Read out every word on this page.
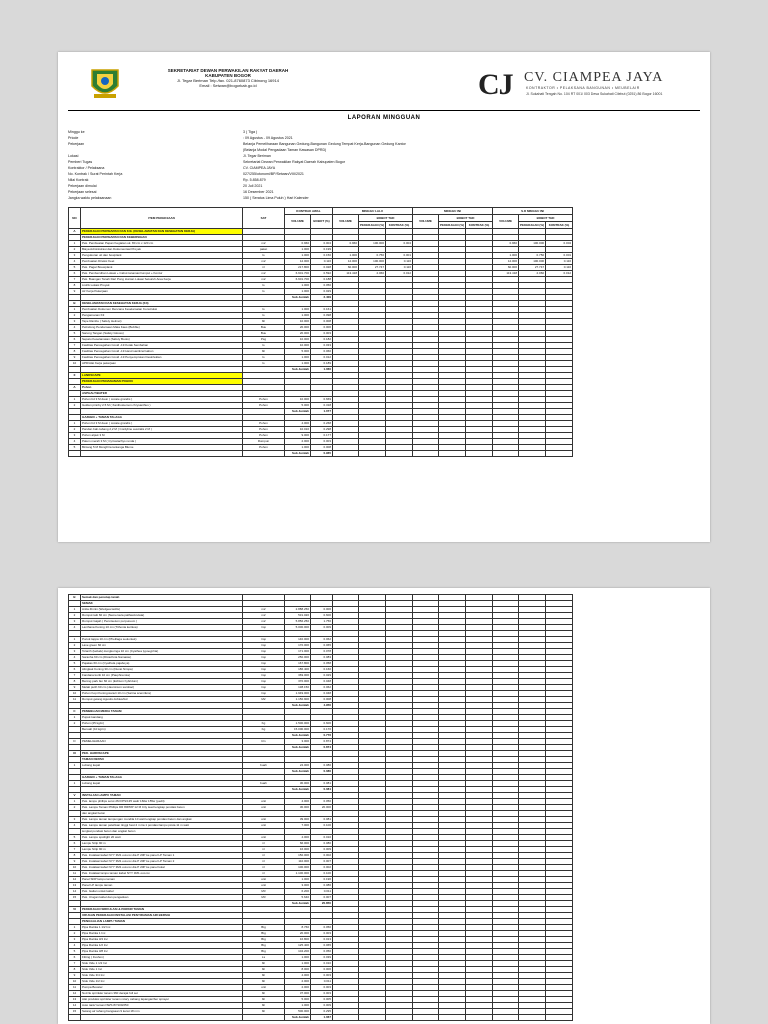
SEKRETARIAT DEWAN PERWAKILAN RAKYAT DAERAH
KABUPATEN BOGOR
Jl. Tegar Beriman Telp./fax. 021-8760873 Cibinong 16914
Email : Setwan@bogorkab.go.id	CJ CV. CIAMPEA JAYA
KONTRAKTOR • PELAKSANA BANGUNAN • MEUBELAIR
Jl. Sukahati Tengah No. 104 RT 001/ 003 Desa Sukahati Cilebut (0251) 86 Bogor 16001
LAPORAN MINGGUAN
Minggu ke	3 ( Tiga )
Priode	: 09 Agustus - 09 Agustus 2021
Pekerjaan	Belanja Pemeliharaan Bangunan Gedung-Bangunan Gedung Tempat Kerja-Bangunan Gedung Kantor
(Belanja Modal Pengadaan Taman Kawasan DPRD)
Lokasi	Jl. Tegar Beriman
Pemberi Tugas	Sekretariat Dewan Perwakilan Rakyat Daerah Kabupaten Bogor
Kontraktor / Pelaksana	CV. CIAMPEA JAYA
No. Kontrak / Surat Perintah Kerja	027/255/otonomi/BP/Setwan/VIII/2021
Nilai Kontrak	Rp. 5.858.879
Pekerjaan dimulai	20 Juli 2021
Pekerjaan selesai	16 Desember 2021
Jangka waktu pelaksanaan	150 ( Seratus Lima Puluh ) Hari Kalender
NO	ITEM PEKERJAAN	SAT	KONTRAK AWAL		MINGGU LALU			MINGGU INI			S.D MINGGU INI		
			VOLUME	BOBOT (%)	VOLUME	BOBOT THD		VOLUME	BOBOT THD		VOLUME	BOBOT THD	
						PEKERJAAN (%)	KONTRAK (%)		PEKERJAAN (%)	KONTRAK (%)		PEKERJAAN (%)	KONTRAK (%)
A	PEKERJAAN PERSIAPAN DAN K3L (KESELAMATAN DAN KESEHATAN KERJA)												
	PEKERJAAN PERSIAPAN DAN KEBERSIHAN												
1	Pek. Pembuatan Papan Kegiatan uk. 80 cm x 120 cm	m2	0.960	0.004	0.960	100.000	0.004				0.960	100.000	0.004
2	Biaya Administrasi dan Dokumentasi Proyek	paket	1.000	0.199									
3	Pengukuran uit dan bowplank	ls	1.000	0.150	1.000	0.750	0.001				1.000	0.750	0.001
4	Pembuatan Direksi Keet	m2	12.000	0.116	12.000	100.000	0.116				12.000	100.000	0.116
5	Pek. Pagar Bouwplank	m'	217.800	0.028	60.000	27.747	0.116				60.000	27.747	0.116
6	Pek. Pembersihan Lokasi + Cabut tanaman/rumput + Kontur	m2	6.601.700	0.592	113.418	2.060	0.012				113.418	2.060	0.012
7	Pek. Buangan Tanah Dari Pong Hunian Lokasi Sekuruh Area Kerja	m2	6.601.700	0.188									
8	Listrik Lokasi Proyek	ls	1.000	0.050									
9	Air Kerja Pekerjaan	ls	1.000	0.029									
			Sub Jumlah	2.409									
B	KESELAMATAN DAN KESEHATAN KERJA (K3)												
1	Pembuatan Dokumen Rencana Keselamatan Konstruksi	ls	1.000	0.161									
2	Pengamanan K3	ls	1.000	0.098									
3	Tape Rambu ( Safety Helmet)	bh	10.000	0.008									
4	Pelindung Pendamaan Mata Kaus (Bubble)	Buu	20.000	0.006									
5	Sarung Tangan (Safety Gloves)	Buu	20.000	0.003									
6	Sepatu Keselamatan (Safety Boots)	Psg	10.000	0.182									
7	Fasilitas Pencegahan Covid -19 Kotak Sembahan	ls	10.000	0.033									
8	Fasilitas Pencegahan Covid -19 Hand sanitizer/sabun	bh	5.000	0.060									
9	Fasilitas Pencegahan Covid -19 Penyemprotan Desinfektan	ls	1.000	0.012									
10	APD/Alat Kerja pekerjaan	ls	1.000	0.189									
			Sub Jumlah	1.060									
II	LANDSCAPE												
	PEKERJAAN PENANAMAN POHON												
A	Pohon												
	ASPHALT/BATER												
1	Pohon bd 3 M daun ( cocate grandis )	Pohon	10.000	0.669									
2	Golden pinnby 2.5 M ( Xanthostemon chrysanthus )	Pohon	5.000	0.318									
			Sub Jumlah	1.077									
	GAZEBO + TAMAN TALAGA												
1	Pohon bd 3 M daun ( cocate grandis )	Pohon	4.000	0.268									
2	Pandan bali cabang 2,2 M ( Cordyline australis 2 M )	Pohon	10.010	0.298									
3	Pohon alpuk 3 M	Pohon	9.000	0.177									
4	Palem merah 3 M ( Cyrtostachys renda )	Rumpun	2.000	0.003									
5	Bintang 5 M Mongfirra tantanga Blume	Pohon	1.000	0.008									
			Sub Jumlah	0.965									
B	Semak dan penutup tanah												
	SEMAK												
1	Anita Zinnin (Wedgea lacilis)	m2	2.888.250	0.006									
2	Rumput taiti 60 cm (Nemeroula palifasciculata)	m2	531.020	0.600									
3	Rumput Gajah ( Pennisetum purpureum )	m2	5.856.250	1.756									
4	Lanthana Kuning 10 cm (Tithonia kerikoa)	rmp	5.000.000	0.009									

1	Pucuk tappa 10 cm (Pheillaga seulontek)	rmp	140.000	0.062									
2	Lave green 60 cm	rmp	170.000	0.065									
3	Tolanth (kebalu) kungkurnga 10 cm (Cyathea typoeyphia)	rmp	171.000	0.078									
4	Saranha 60 cm (Dicachnia Namaste)	rmp	250.000	0.083									
5	Pajakas 60 cm (Cyathula pajaboya)	rmp	167.800	0.058									
6	Alingkak Kuning 30 cm (Ducat Nimpa)	rmp	186.400	0.160									
7	Fandana kuriti 10 cm (Pauphrecota)	rmp	369.000	0.029									
8	Bening park fan 60 cm (Echium hybridum)	rmp	370.000	0.048									
9	Melati putih 60 cm (Jasminum sambac)	rmp	138.150	0.062									
10	Pohon Kopi Kuning-kanuli 10 cm (Sarina scemifera)	rmp	1.949.000	0.048									
11	Rumput gelang Agustis dobles/tkd	M2	1.150.900	0.008									
			Sub Jumlah	4.950									
C	PEMBELIAN MEDIA TANAM												
1	Pupuk kandang												
2	Pohon (25 kg/m)	Kg	1.500.000	0.606									
	Bensah (10 kg/m)	Kg	15.000.000	0.170									
			Sub Jumlah	0.776									
D	PEMELIHARAAN	bln	3.000	0.874									
			Sub Jumlah	0.874									
III	PEK. HARDSCAPE												
	TAMAN DEPAN												
1	Lubang kepal	buah	24.000	0.080									
			Sub Jumlah	0.080									
	GAZEBO + TAMAN TALAGA												
1	Lubang kepal	buah	30.000	0.081									
			Sub Jumlah	0.081									
V	INSTALASI LAMPU TAMAN												
1	Pek. lampu phillips sorot 2M FPS/135 watt/ 160w 155w (pedit)	unit	4.000	0.050									
2	Pek. Lampu Taman Phillips DR 80PRP 12 M City lead lengkap pondasi beton	unit	30.000	20.000									
	dan angkat beton												
3	Pek. Lampu taman lampungan mundila 10 watt lengkap pondasi beton dan angkat	unit	39.000	0.081									
4	Pek. Lampu taman pelehkan tinggi hest 2 m tia 1 pondasi lampu pcsta 11 m watt	unit	7.000	0.100									
	lengkat pondasi beton dan angkat beton												
5	Pek. Lampu spotlight 20 watt	unit	4.000	0.010									
6	Lampu Strip 90 m	m'	66.000	0.080									
7	Lampu Strip 90 m	m'	16.000	0.009									
8	Pek. Instalasi kabel NYY 3M1 out-rox dia P 20P ke panel LP Taman 1	m'	150.000	0.002									
9	Pek. Instalasi kabel NYY 3M1 out-rox dia P 20P ke panel LP Taman 2	m'	110.000	0.007									
10	Pek. Instalasi kabel NYY 3M1 out-rox dia P 20P ke panel lokal	m'	100.000	0.002									
11	Pek. Instalasi lampu taman kabel NYY 3M1 out-rox	m'	1.100.000	0.100									
12	Panel SDP lampu taman	unit	1.000	0.196									
13	Panel LP lampu taman	unit	3.000	0.086									
14	Pek. Galian untuk kabel	M3	6.200	0.011									
15	Pek. Urugan kabel dan pengaduan	M3	5.640	0.007									
			Sub Jumlah	20.850									
VI	PEKERJAAN SIRKULASI & PARKIR TAMAN												
	URUGAN PEKERJAAN INSTALASI PENYIRAMAN AIR BERSIH												
	PENGGALIAN LAMPU TAMAN												
1	Pipa Rucika 1 1/2 Inc	Btg	8.760	0.050									
2	Pipa Rucika 1 Inc	Btg	20.000	0.003									
3	Pipa Rucika 3/4 Inc	Btg	16.800	0.013									
4	Pipa Rucika 1/2 Inc	Btg	125.400	0.065									
5	Pipa Rucika 3/8 Inc	Btg	104.200	0.050									
6	Fitting ( Fushon)	Ls	1.000	0.039									
7	Stok Vide 1 1/2 Inc	bh	1.000	0.010									
8	Stok Vide 1 Inc	bh	8.000	0.006									
9	Stok Vide 3/4 Inc	bh	4.000	0.003									
10	Stok Vide 1/2 Inc	bh	2.000	0.011									
11	Pompa Booster	unit	2.000	0.003									
12	Nozzle sprinkler tanam 360 derajat full set	bh	37.000	0.003									
13	Alat produksi sprinkler tanam rotary cabang lapangan/ber sprayer	bh	5.000	0.005									
14	Auto tank/ taman NWS 87/100/250	bh	1.000	0.009									
15	Selang air tahang bangsaan 9 kerat 18 mm	bh	500.000	0.295									
			Sub Jumlah	1.067									
